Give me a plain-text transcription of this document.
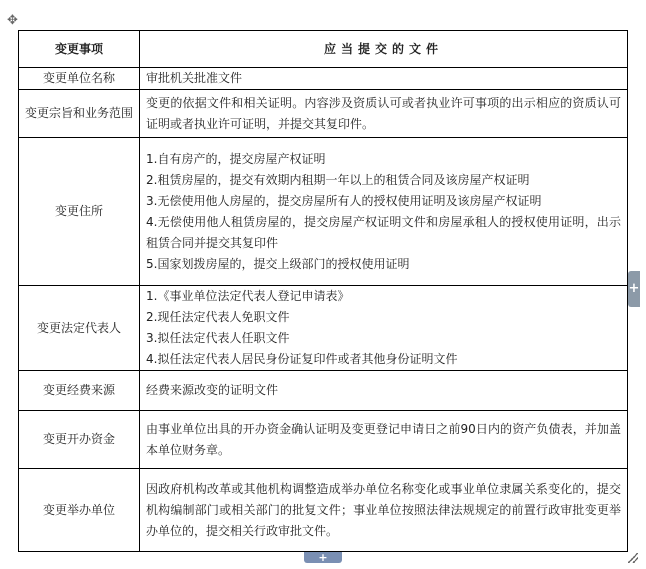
✥
变更事项	应当提交的文件
变更单位名称	审批机关批准文件

变更宗旨和业务范围	变更的依据文件和相关证明。内容涉及资质认可或者执业许可事项的出示相应的资质认可证明或者执业许可证明，并提交其复印件。

变更住所	1.自有房产的，提交房屋产权证明
2.租赁房屋的，提交有效期内租期一年以上的租赁合同及该房屋产权证明
3.无偿使用他人房屋的，提交房屋所有人的授权使用证明及该房屋产权证明
4.无偿使用他人租赁房屋的，提交房屋产权证明文件和房屋承租人的授权使用证明，出示租赁合同并提交其复印件
5.国家划拨房屋的，提交上级部门的授权使用证明

变更法定代表人	1.《事业单位法定代表人登记申请表》
2.现任法定代表人免职文件
3.拟任法定代表人任职文件
4.拟任法定代表人居民身份证复印件或者其他身份证明文件

变更经费来源	经费来源改变的证明文件

变更开办资金	由事业单位出具的开办资金确认证明及变更登记申请日之前90日内的资产负债表，并加盖本单位财务章。

变更举办单位	因政府机构改革或其他机构调整造成举办单位名称变化或事业单位隶属关系变化的，提交机构编制部门或相关部门的批复文件；事业单位按照法律法规规定的前置行政审批变更举办单位的，提交相关行政审批文件。
+
+
